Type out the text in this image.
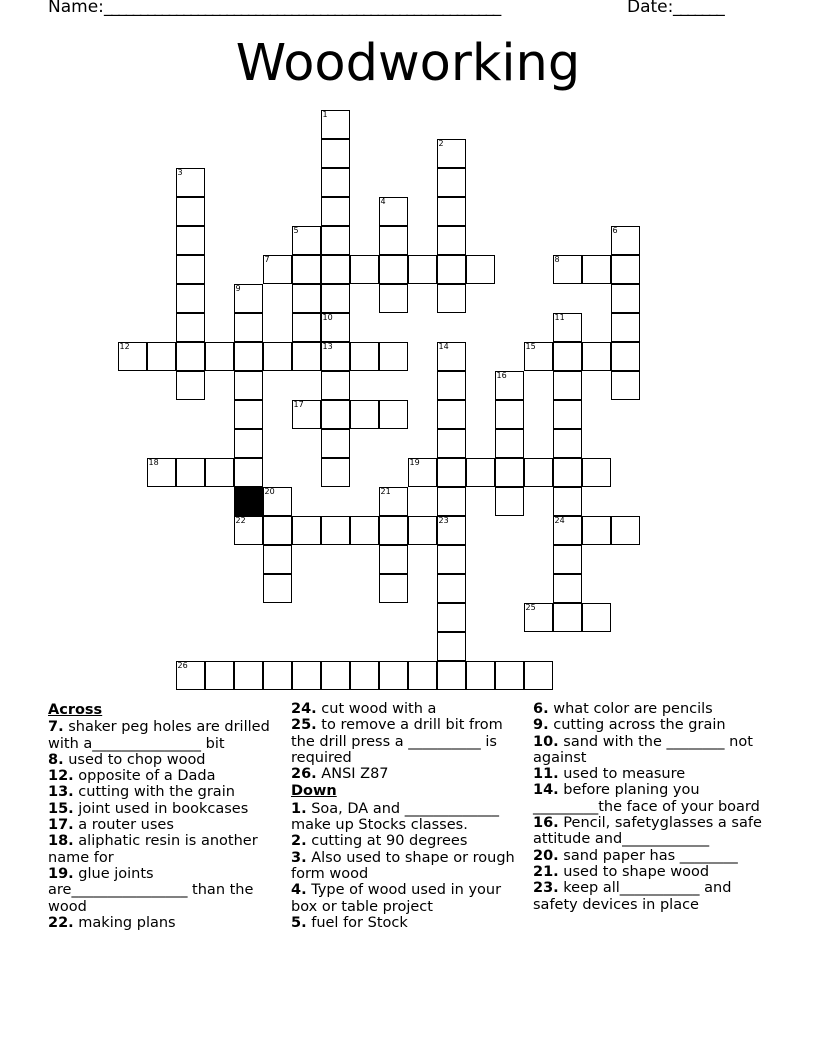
Name: _______________________________________________________	Date: _______
Woodworking
1
10
13
2
3
4
5	6
7	8
9
11
24
12	14	15
16
17
18	19
20	21
22	23
25
26

Across

7. shaker peg holes are drilled with a_______________ bit

8. used to chop wood

12. opposite of a Dada

13. cutting with the grain

15. joint used in bookcases

17. a router uses

18. aliphatic resin is another name for

19. glue joints are________________ than the wood

22. making plans

24. cut wood with a

25. to remove a drill bit from the drill press a __________ is required

26. ANSI Z87

Down

1. Soa, DA and _____________ make up Stocks classes.

2. cutting at 90 degrees

3. Also used to shape or rough form wood

4. Type of wood used in your box or table project

5. fuel for Stock

6. what color are pencils

9. cutting across the grain

10. sand with the ________ not against

11. used to measure

14. before planing you _________the face of your board

16. Pencil, safetyglasses a safe attitude and____________

20. sand paper has ________

21. used to shape wood

23. keep all___________ and safety devices in place
